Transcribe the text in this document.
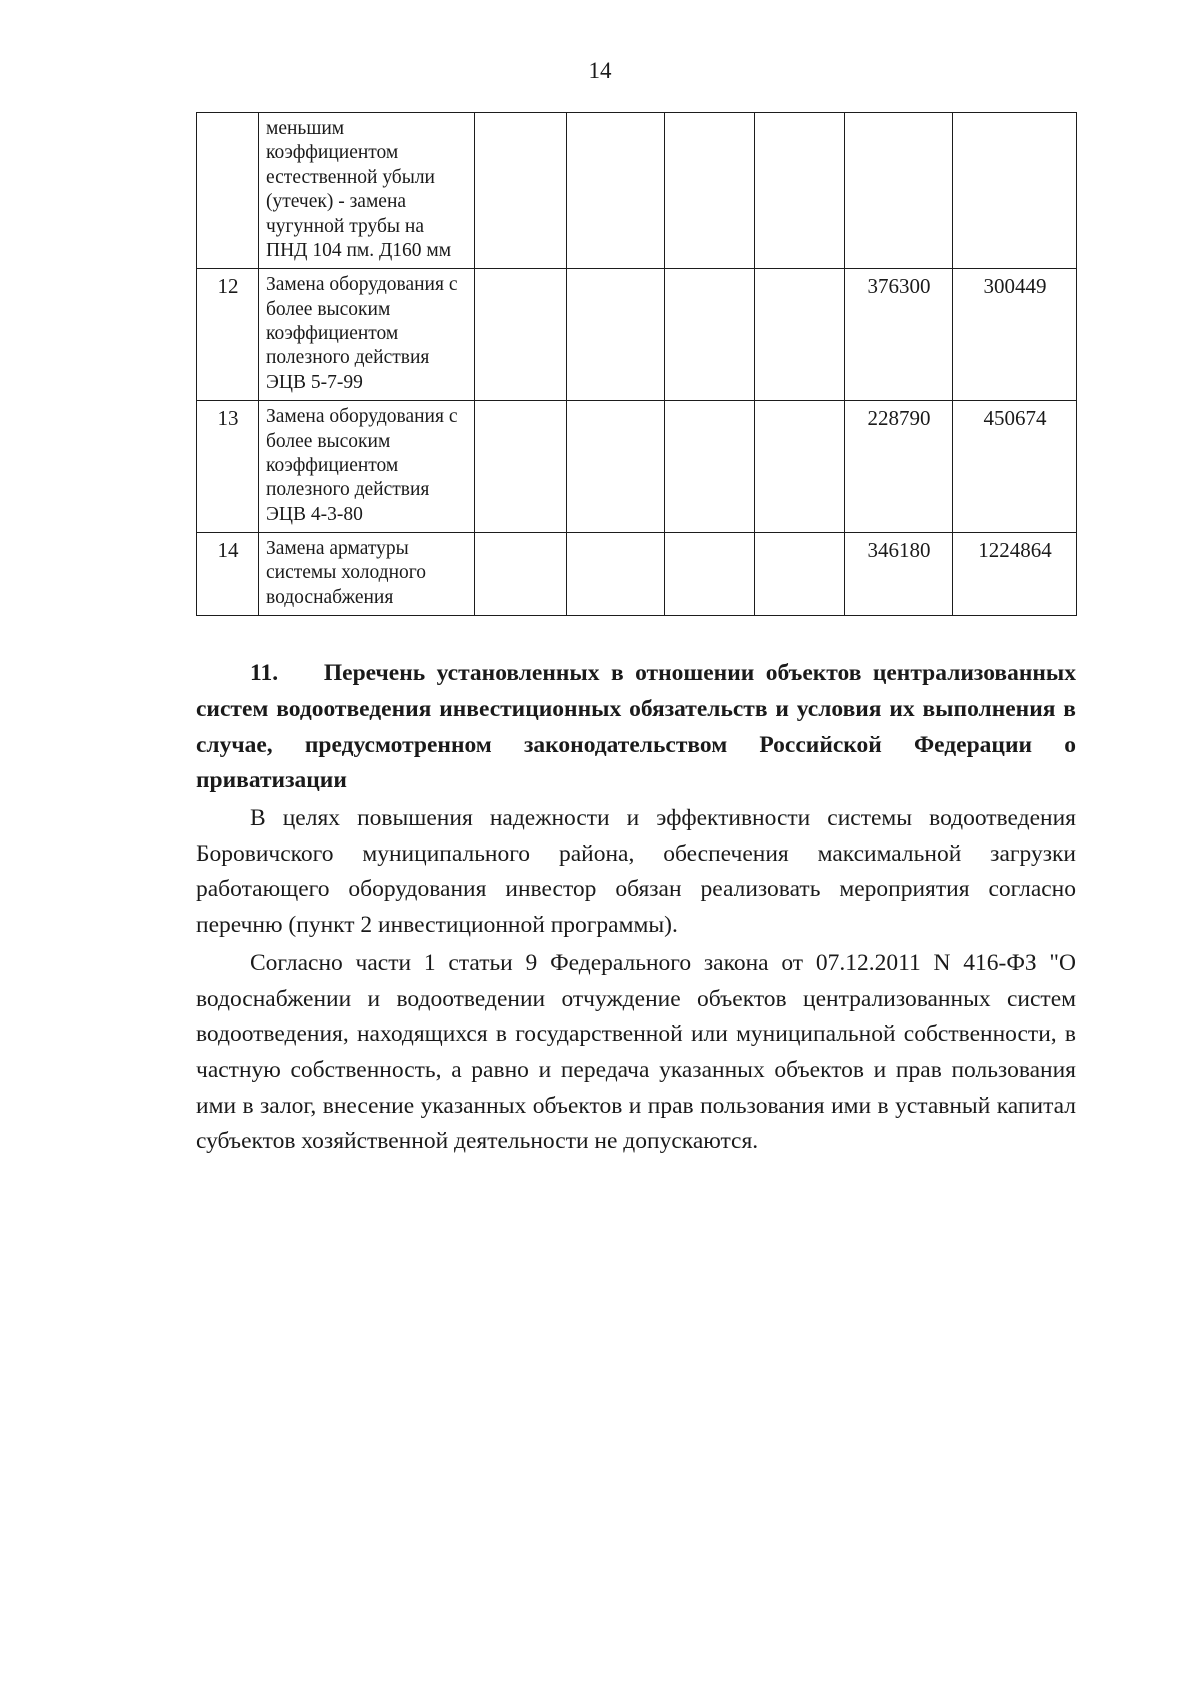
14
	меньшим коэффициентом естественной убыли (утечек) - замена чугунной трубы на ПНД 104 пм. Д160 мм						
12	Замена оборудования с более высоким коэффициентом полезного действия ЭЦВ 5-7-99					376300	300449
13	Замена оборудования с более высоким коэффициентом полезного действия ЭЦВ 4-3-80					228790	450674
14	Замена арматуры системы холодного водоснабжения					346180	1224864

11. Перечень установленных в отношении объектов централизованных систем водоотведения инвестиционных обязательств и условия их выполнения в случае, предусмотренном законодательством Российской Федерации о приватизации

В целях повышения надежности и эффективности системы водоотведения Боровичского муниципального района, обеспечения максимальной загрузки работающего оборудования инвестор обязан реализовать мероприятия согласно перечню (пункт 2 инвестиционной программы).

Согласно части 1 статьи 9 Федерального закона от 07.12.2011 N 416-ФЗ "О водоснабжении и водоотведении отчуждение объектов централизованных систем водоотведения, находящихся в государственной или муниципальной собственности, в частную собственность, а равно и передача указанных объектов и прав пользования ими в залог, внесение указанных объектов и прав пользования ими в уставный капитал субъектов хозяйственной деятельности не допускаются.
